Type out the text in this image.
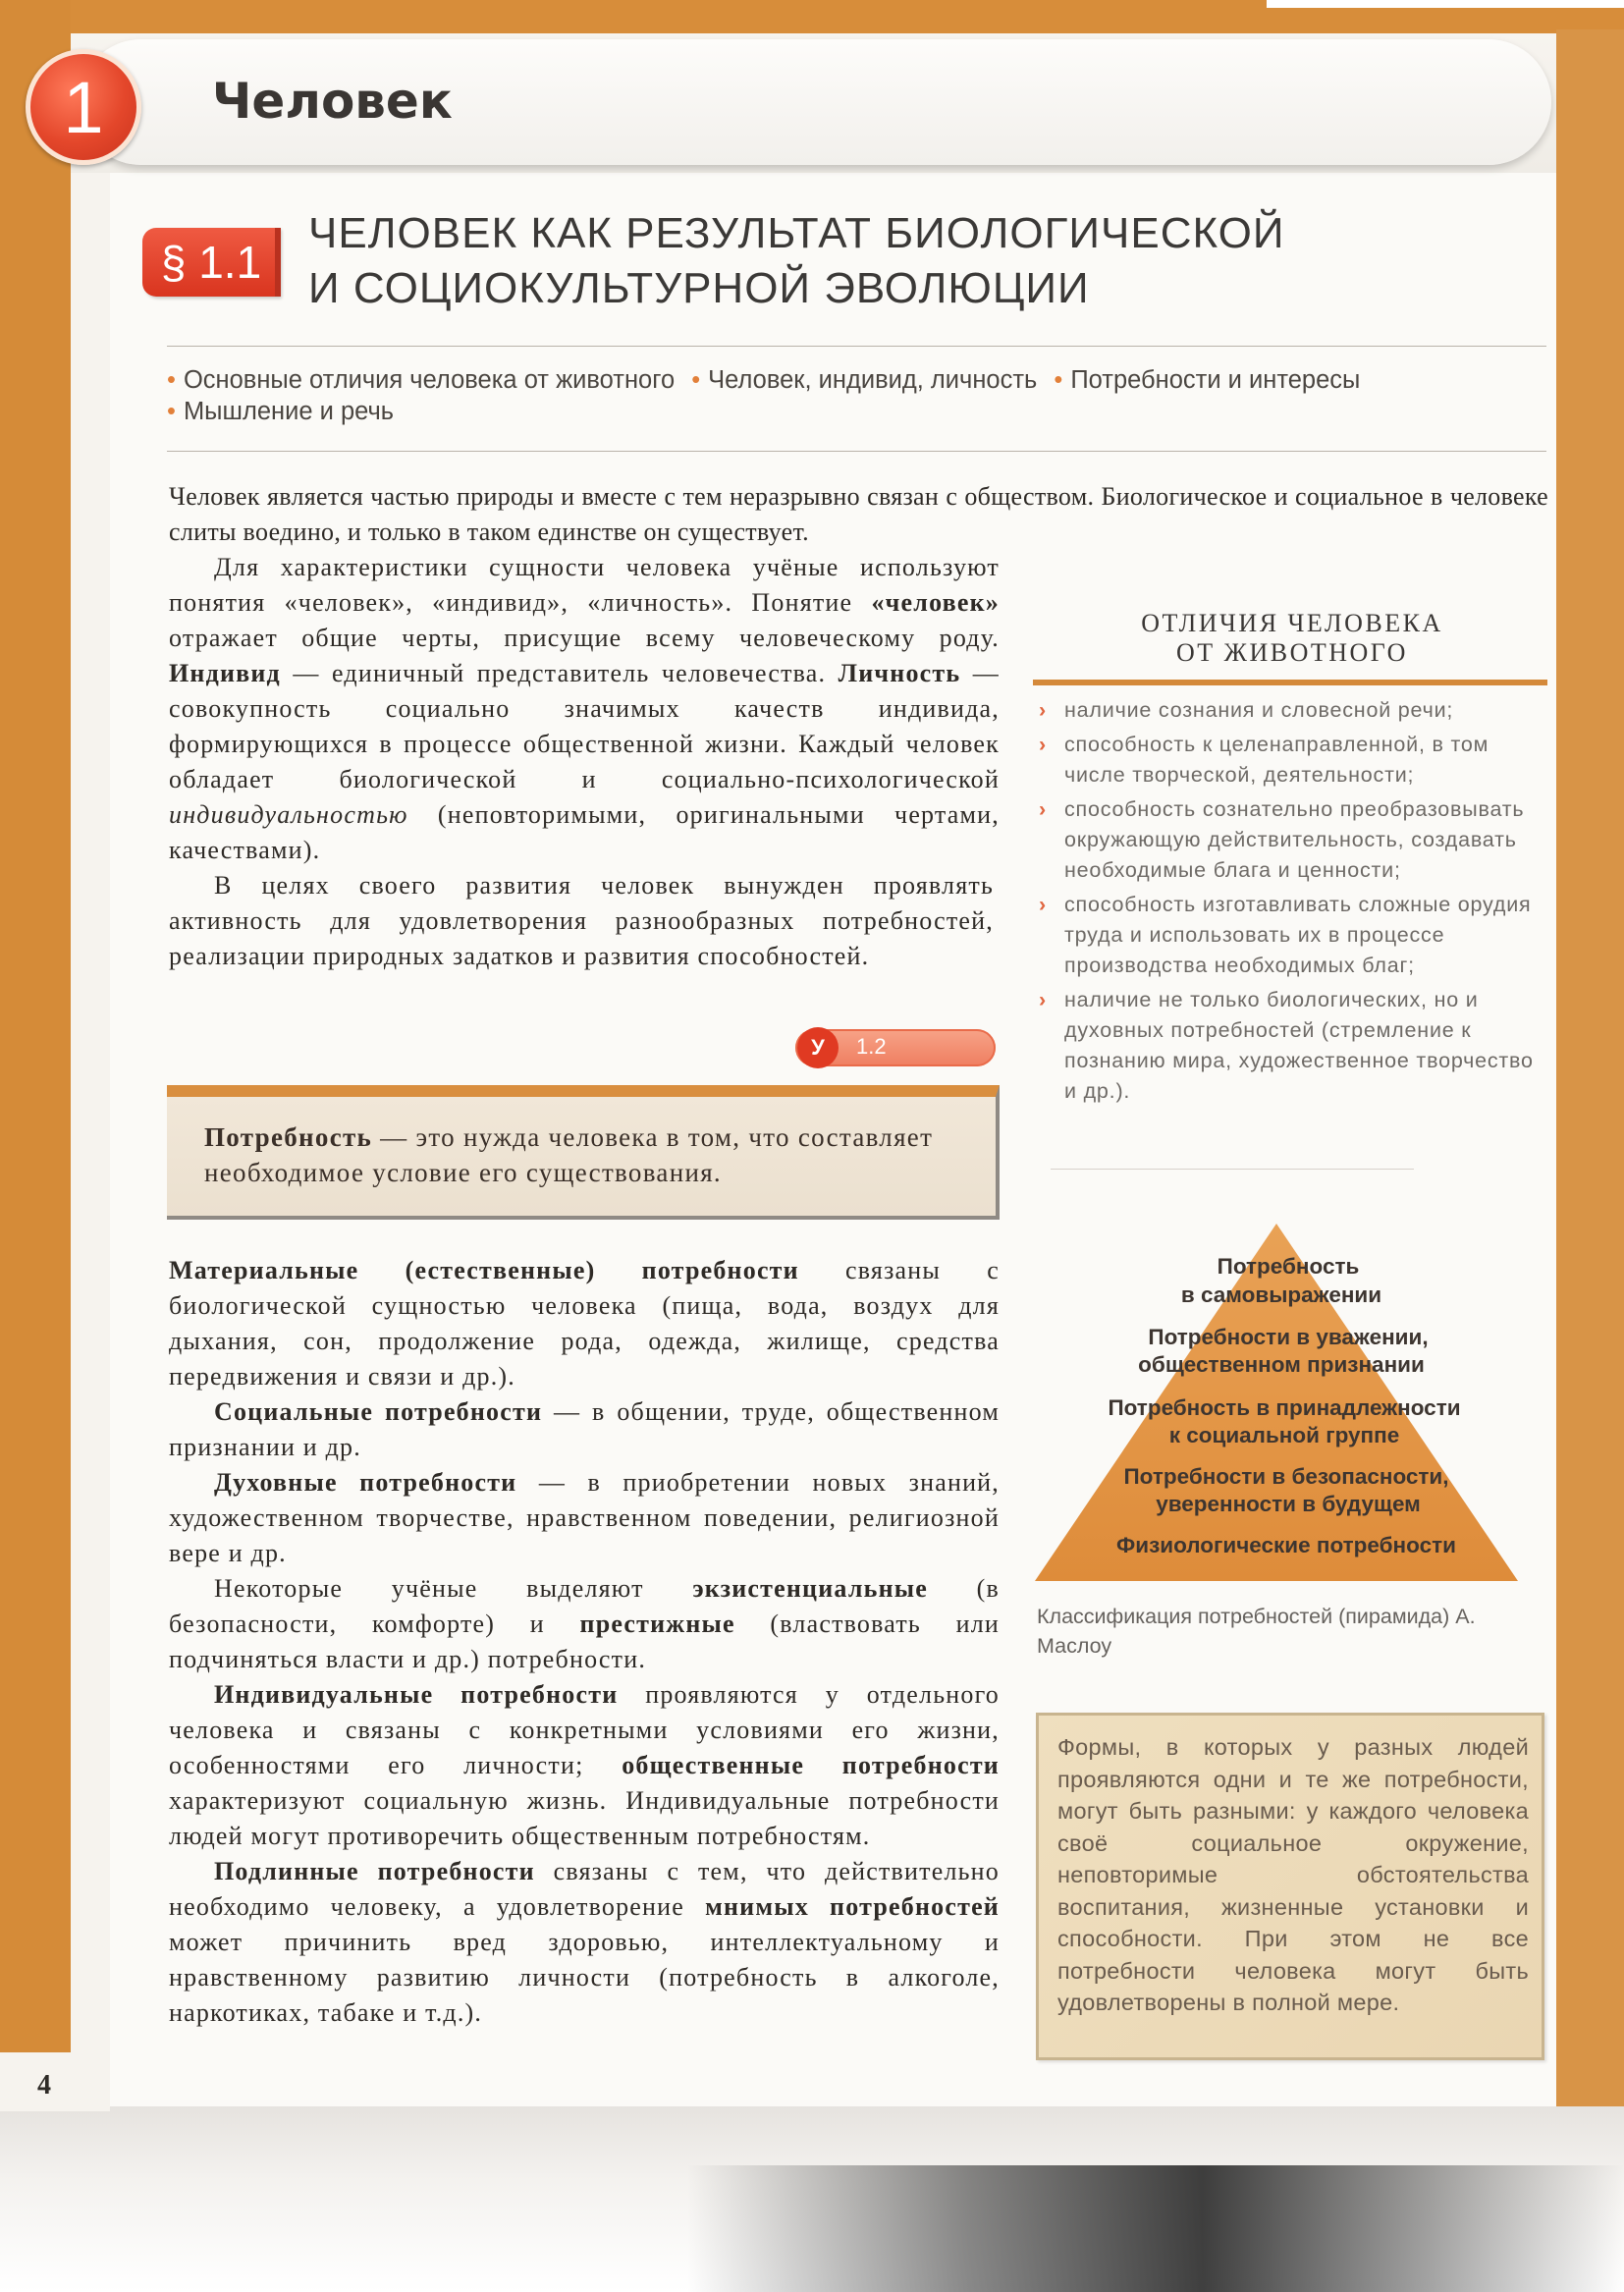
1	Человек
§ 1.1
ЧЕЛОВЕК КАК РЕЗУЛЬТАТ БИОЛОГИЧЕСКОЙ
И СОЦИОКУЛЬТУРНОЙ ЭВОЛЮЦИИ
• Основные отличия человека от животного • Человек, индивид, личность • Потребности и интересы
• Мышление и речь
Человек является частью природы и вместе с тем неразрывно связан с обществом. Биологическое и социальное в человеке слиты воедино, и только в таком единстве он существует.

Для характеристики сущности человека учёные используют понятия «человек», «индивид», «личность». Понятие «человек» отражает общие черты, присущие всему человеческому роду. Индивид — единичный представитель человечества. Личность — совокупность социально значимых качеств индивида, формирующихся в процессе общественной жизни. Каждый человек обладает биологической и социально-психологической индивидуальностью (неповторимыми, оригинальными чертами, качествами).

В целях своего развития человек вынужден проявлять активность для удовлетворения разнообразных потребностей, реализации природных задатков и развития способностей.

У	1.2
Потребность — это нужда человека в том, что составляет необходимое условие его существования.

Материальные (естественные) потребности связаны с биологической сущностью человека (пища, вода, воздух для дыхания, сон, продолжение рода, одежда, жилище, средства передвижения и связи и др.).

Социальные потребности — в общении, труде, общественном признании и др.

Духовные потребности — в приобретении новых знаний, художественном творчестве, нравственном поведении, религиозной вере и др.

Некоторые учёные выделяют экзистенциальные (в безопасности, комфорте) и престижные (властвовать или подчиняться власти и др.) потребности.

Индивидуальные потребности проявляются у отдельного человека и связаны с конкретными условиями его жизни, особенностями его личности; общественные потребности характеризуют социальную жизнь. Индивидуальные потребности людей могут противоречить общественным потребностям.

Подлинные потребности связаны с тем, что действительно необходимо человеку, а удовлетворение мнимых потребностей может причинить вред здоровью, интеллектуальному и нравственному развитию личности (потребность в алкоголе, наркотиках, табаке и т.д.).

ОТЛИЧИЯ ЧЕЛОВЕКА
ОТ ЖИВОТНОГО
› наличие сознания и словесной речи;
› способность к целенаправленной, в том числе творческой, деятельности;
› способность сознательно преобразовывать окружающую действительность, создавать необходимые блага и ценности;
› способность изготавливать сложные орудия труда и использовать их в процессе производства необходимых благ;
› наличие не только биологических, но и духовных потребностей (стремление к познанию мира, художественное творчество и др.).
Потребность
в самовыражении
Потребности в уважении,
общественном признании
Потребность в принадлежности
к социальной группе
Потребности в безопасности,
уверенности в будущем
Физиологические потребности
Классификация потребностей (пирамида) А. Маслоу
Формы, в которых у разных людей проявляются одни и те же потребности, могут быть разными: у каждого человека своё социальное окружение, неповторимые обстоятельства воспитания, жизненные установки и способности. При этом не все потребности человека могут быть удовлетворены в полной мере.
4
